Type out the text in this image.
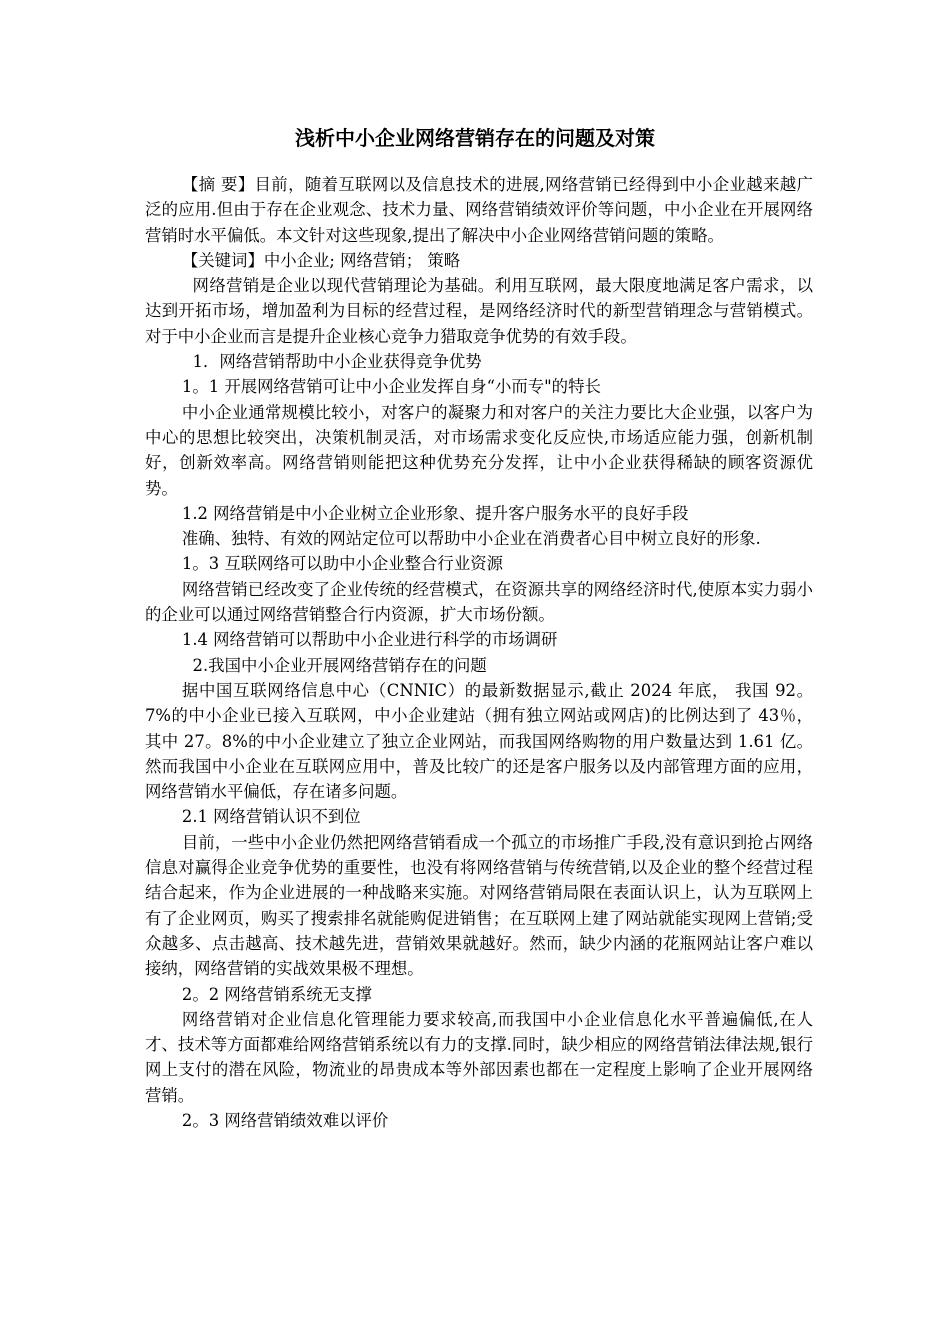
浅析中小企业网络营销存在的问题及对策

【摘 要】目前，随着互联网以及信息技术的进展,网络营销已经得到中小企业越来越广泛的应用.但由于存在企业观念、技术力量、网络营销绩效评价等问题，中小企业在开展网络营销时水平偏低。本文针对这些现象,提出了解决中小企业网络营销问题的策略。

【关键词】中小企业; 网络营销； 策略

网络营销是企业以现代营销理论为基础。利用互联网，最大限度地满足客户需求，以达到开拓市场，增加盈利为目标的经营过程，是网络经济时代的新型营销理念与营销模式。对于中小企业而言是提升企业核心竞争力猎取竞争优势的有效手段。

1．网络营销帮助中小企业获得竞争优势

1。1 开展网络营销可让中小企业发挥自身“小而专"的特长

中小企业通常规模比较小，对客户的凝聚力和对客户的关注力要比大企业强，以客户为中心的思想比较突出，决策机制灵活，对市场需求变化反应快,市场适应能力强，创新机制好，创新效率高。网络营销则能把这种优势充分发挥，让中小企业获得稀缺的顾客资源优势。

1.2 网络营销是中小企业树立企业形象、提升客户服务水平的良好手段

准确、独特、有效的网站定位可以帮助中小企业在消费者心目中树立良好的形象.

1。3 互联网络可以助中小企业整合行业资源

网络营销已经改变了企业传统的经营模式，在资源共享的网络经济时代,使原本实力弱小的企业可以通过网络营销整合行内资源，扩大市场份额。

1.4 网络营销可以帮助中小企业进行科学的市场调研

2.我国中小企业开展网络营销存在的问题

据中国互联网络信息中心（CNNIC）的最新数据显示,截止 2024 年底， 我国 92。7%的中小企业已接入互联网，中小企业建站（拥有独立网站或网店)的比例达到了 43％， 其中 27。8%的中小企业建立了独立企业网站，而我国网络购物的用户数量达到 1.61 亿。然而我国中小企业在互联网应用中，普及比较广的还是客户服务以及内部管理方面的应用，网络营销水平偏低，存在诸多问题。

2.1 网络营销认识不到位

目前，一些中小企业仍然把网络营销看成一个孤立的市场推广手段,没有意识到抢占网络信息对赢得企业竞争优势的重要性，也没有将网络营销与传统营销,以及企业的整个经营过程结合起来，作为企业进展的一种战略来实施。对网络营销局限在表面认识上，认为互联网上有了企业网页，购买了搜索排名就能购促进销售；在互联网上建了网站就能实现网上营销;受众越多、点击越高、技术越先进，营销效果就越好。然而，缺少内涵的花瓶网站让客户难以接纳，网络营销的实战效果极不理想。

2。2 网络营销系统无支撑

网络营销对企业信息化管理能力要求较高,而我国中小企业信息化水平普遍偏低,在人才、技术等方面都难给网络营销系统以有力的支撑.同时，缺少相应的网络营销法律法规,银行网上支付的潜在风险，物流业的昂贵成本等外部因素也都在一定程度上影响了企业开展网络营销。

2。3 网络营销绩效难以评价
